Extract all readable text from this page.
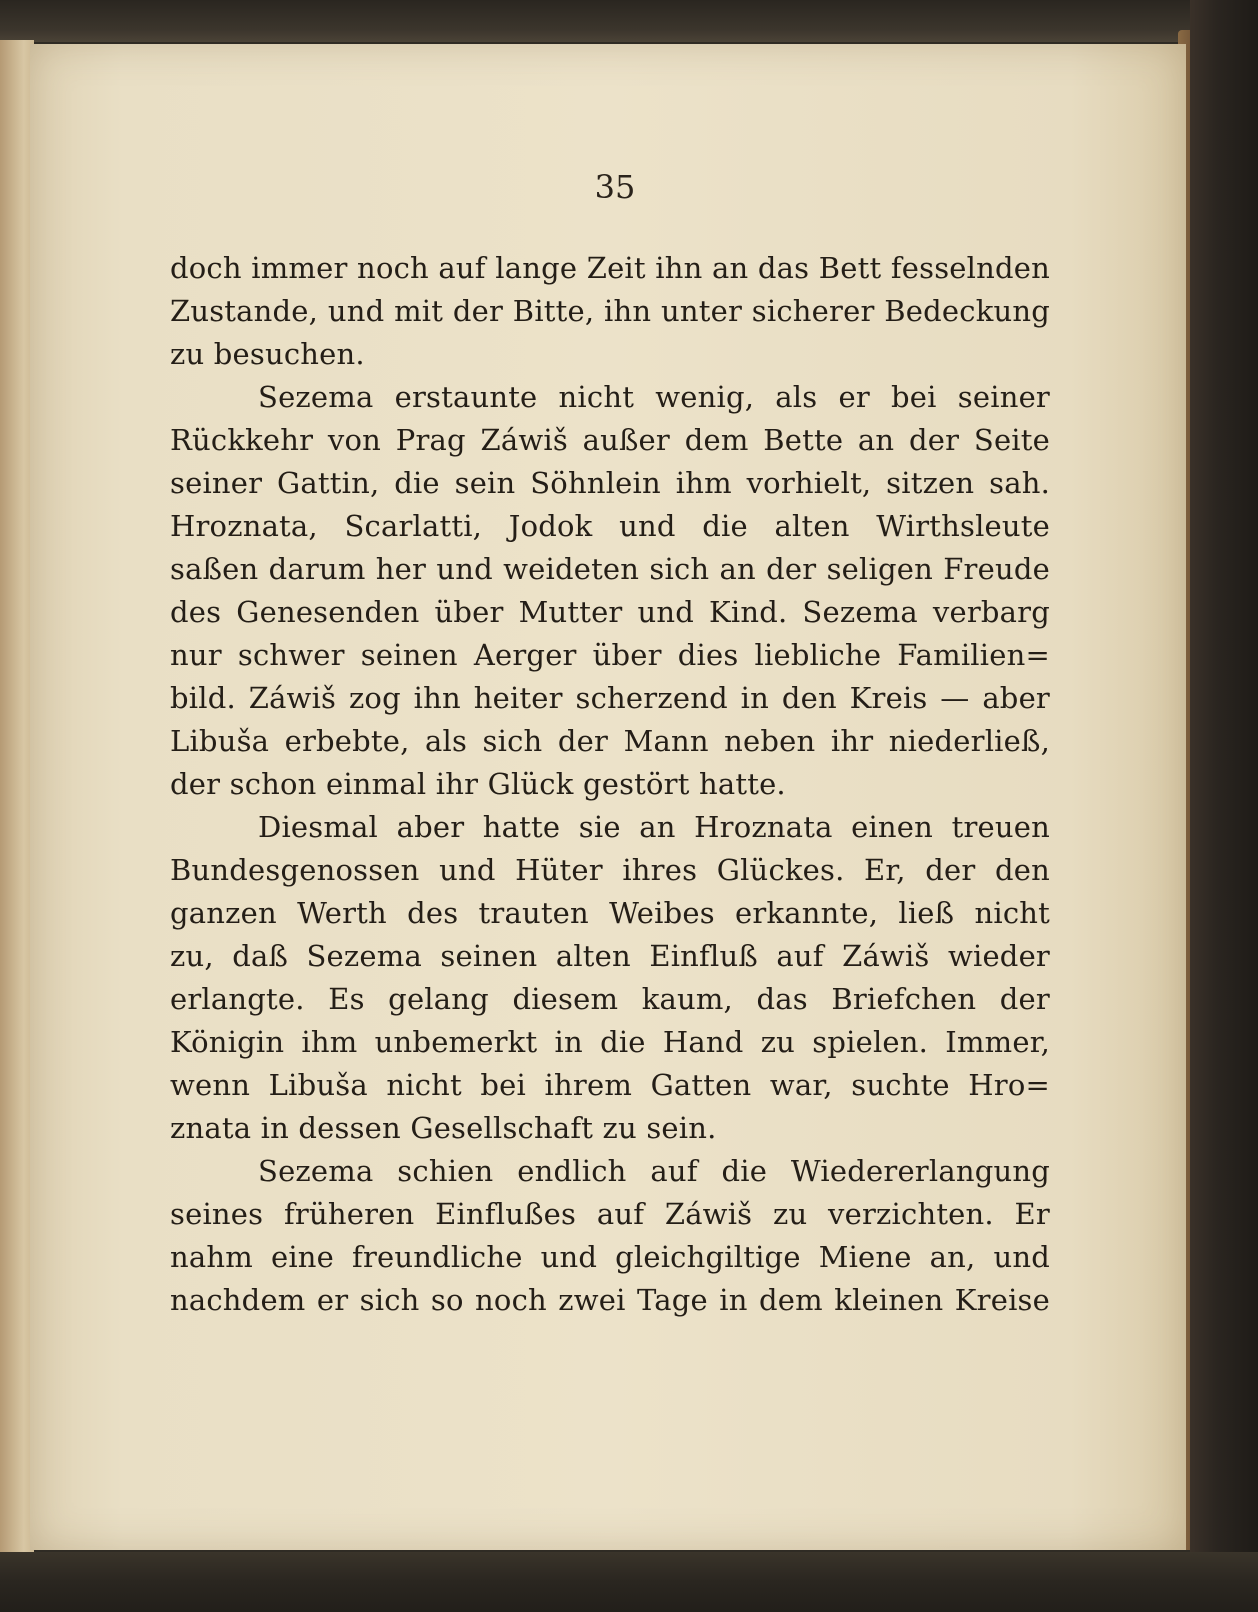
35
doch immer noch auf lange Zeit ihn an das Bett fesselnden
Zustande, und mit der Bitte, ihn unter sicherer Bedeckung
zu besuchen.
Sezema erstaunte nicht wenig, als er bei seiner
Rückkehr von Prag Záwiš außer dem Bette an der Seite
seiner Gattin, die sein Söhnlein ihm vorhielt, sitzen sah.
Hroznata, Scarlatti, Jodok und die alten Wirthsleute
saßen darum her und weideten sich an der seligen Freude
des Genesenden über Mutter und Kind. Sezema verbarg
nur schwer seinen Aerger über dies liebliche Familien=
bild. Záwiš zog ihn heiter scherzend in den Kreis — aber
Libuša erbebte, als sich der Mann neben ihr niederließ,
der schon einmal ihr Glück gestört hatte.
Diesmal aber hatte sie an Hroznata einen treuen
Bundesgenossen und Hüter ihres Glückes. Er, der den
ganzen Werth des trauten Weibes erkannte, ließ nicht
zu, daß Sezema seinen alten Einfluß auf Záwiš wieder
erlangte. Es gelang diesem kaum, das Briefchen der
Königin ihm unbemerkt in die Hand zu spielen. Immer,
wenn Libuša nicht bei ihrem Gatten war, suchte Hro=
znata in dessen Gesellschaft zu sein.
Sezema schien endlich auf die Wiedererlangung
seines früheren Einflußes auf Záwiš zu verzichten. Er
nahm eine freundliche und gleichgiltige Miene an, und
nachdem er sich so noch zwei Tage in dem kleinen Kreise
